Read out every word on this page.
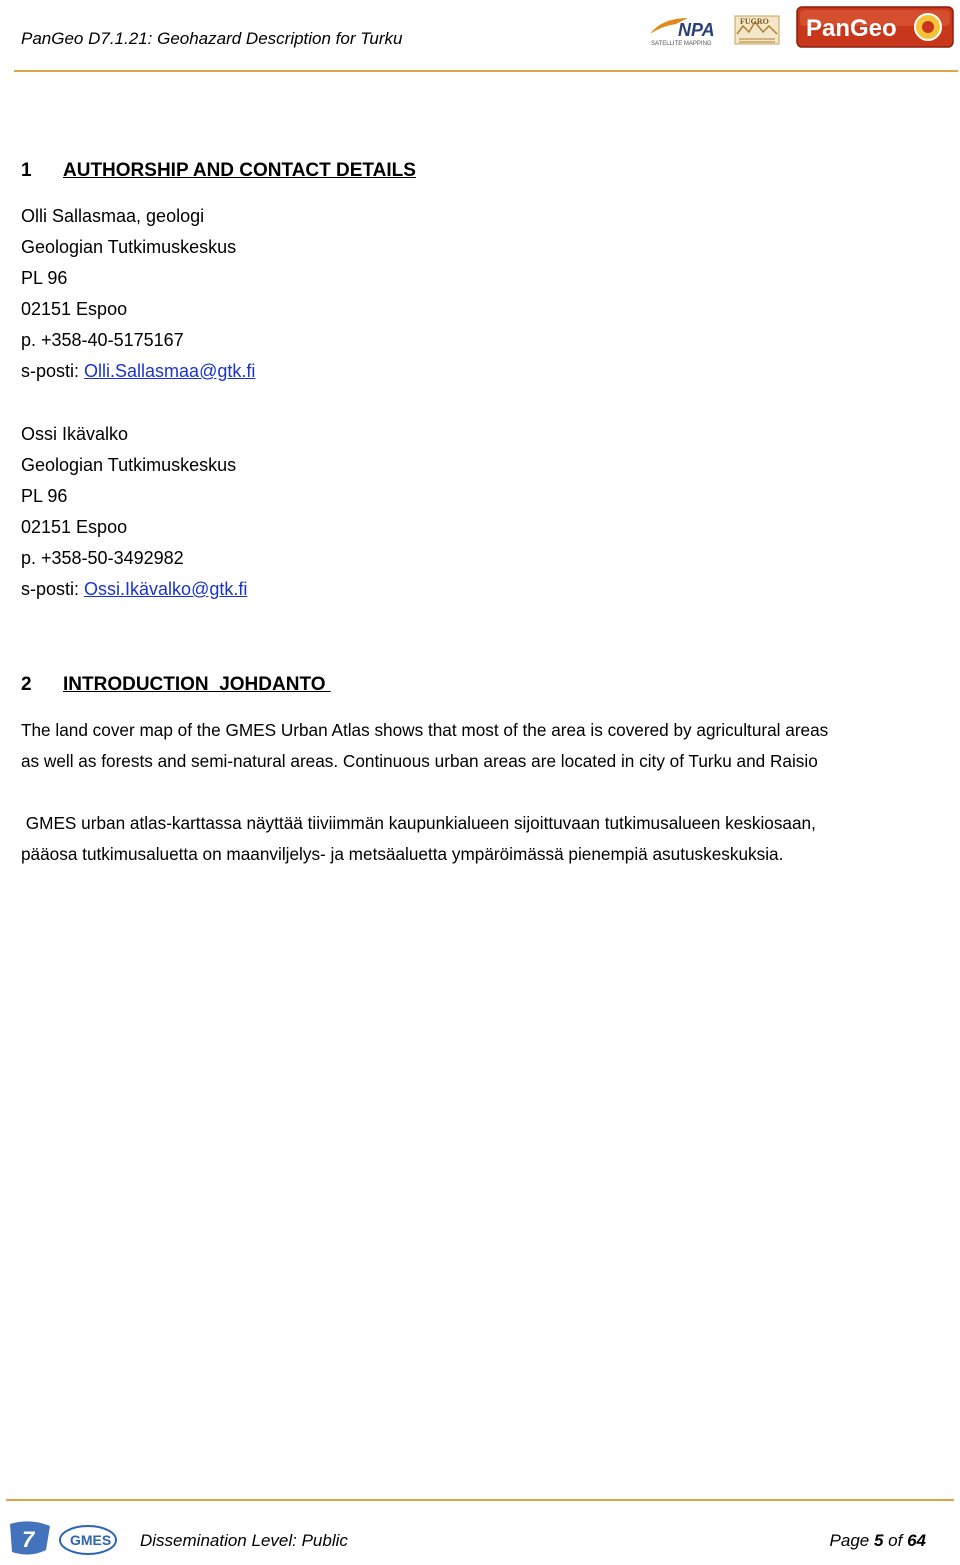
PanGeo D7.1.21: Geohazard Description for Turku	NPA
SATELLITE MAPPING
FUGRO PanGeo
1 AUTHORSHIP AND CONTACT DETAILS
Olli Sallasmaa, geologi
Geologian Tutkimuskeskus
PL 96
02151 Espoo
p. +358-40-5175167
s-posti: Olli.Sallasmaa@gtk.fi
Ossi Ikävalko
Geologian Tutkimuskeskus
PL 96
02151 Espoo
p. +358-50-3492982
s-posti: Ossi.Ikävalko@gtk.fi
2 INTRODUCTION  JOHDANTO
The land cover map of the GMES Urban Atlas shows that most of the area is covered by agricultural areas
as well as forests and semi-natural areas. Continuous urban areas are located in city of Turku and Raisio
GMES urban atlas-karttassa näyttää tiiviimmän kaupunkialueen sijoittuvaan tutkimusalueen keskiosaan,
pääosa tutkimusaluetta on maanviljelys- ja metsäaluetta ympäröimässä pienempiä asutuskeskuksia.
7	GMES Dissemination Level: Public	Page 5 of 64
